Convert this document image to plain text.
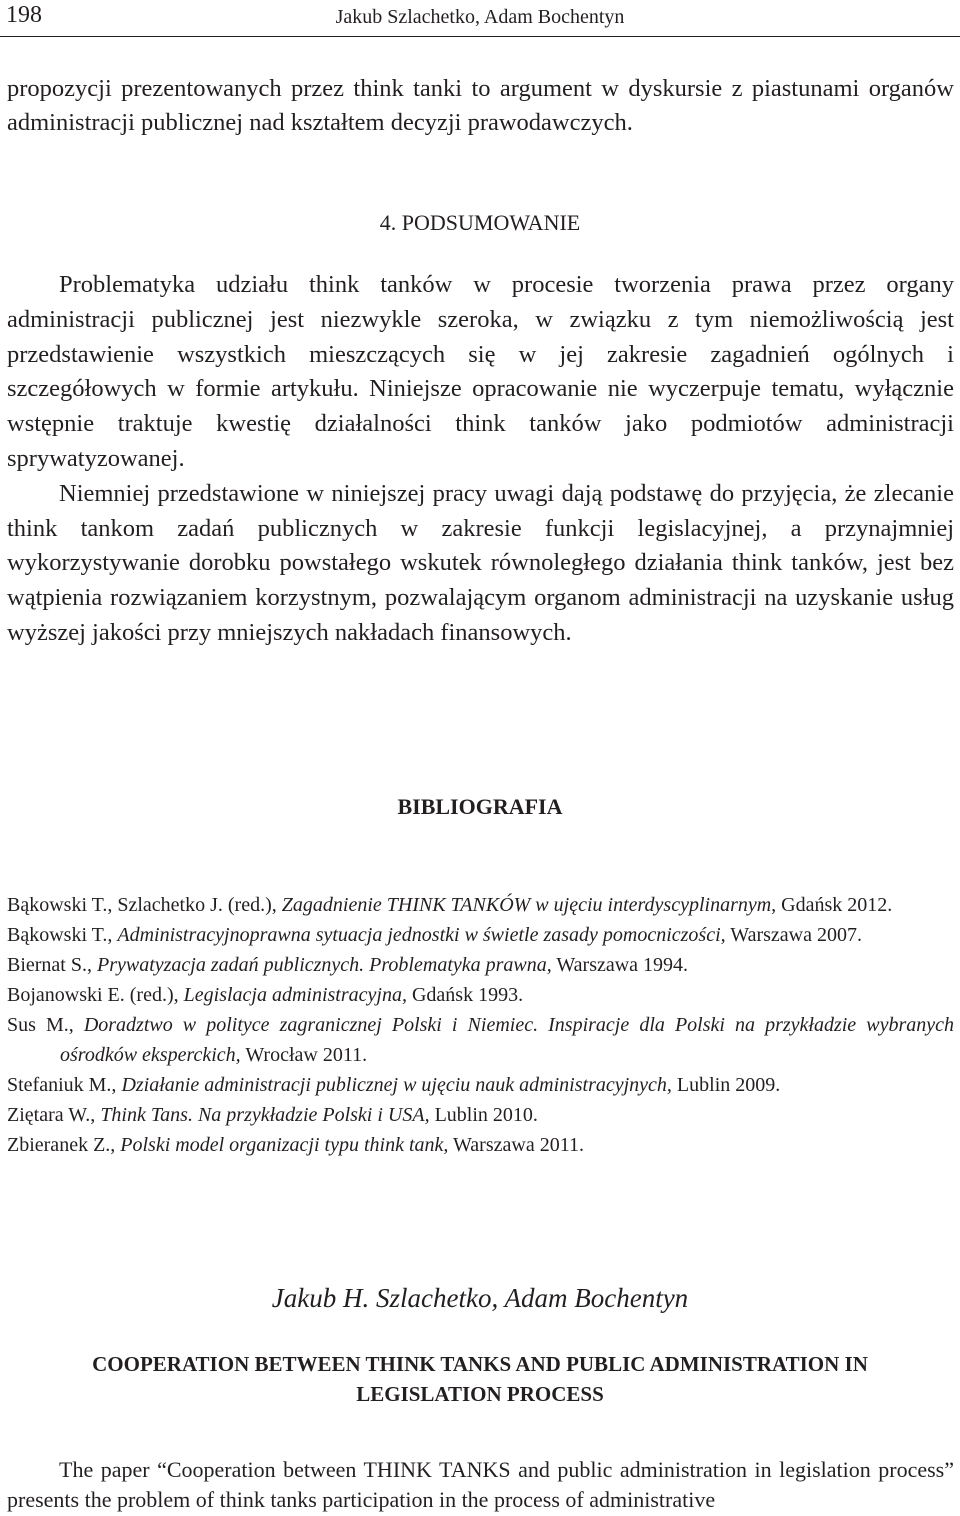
198	Jakub Szlachetko, Adam Bochentyn

propozycji prezentowanych przez think tanki to argument w dyskursie z piastunami organów administracji publicznej nad kształtem decyzji prawodawczych.

4. PODSUMOWANIE

Problematyka udziału think tanków w procesie tworzenia prawa przez organy administracji publicznej jest niezwykle szeroka, w związku z tym niemożliwością jest przedstawienie wszystkich mieszczących się w jej zakresie zagadnień ogólnych i szczegółowych w formie artykułu. Niniejsze opracowanie nie wyczerpuje tematu, wyłącznie wstępnie traktuje kwestię działalności think tanków jako podmiotów administracji sprywatyzowanej.

Niemniej przedstawione w niniejszej pracy uwagi dają podstawę do przyjęcia, że zlecanie think tankom zadań publicznych w zakresie funkcji legislacyjnej, a przynajmniej wykorzystywanie dorobku powstałego wskutek równoległego działania think tanków, jest bez wątpienia rozwiązaniem korzystnym, pozwalającym organom administracji na uzyskanie usług wyższej jakości przy mniejszych nakładach finansowych.

BIBLIOGRAFIA

Bąkowski T., Szlachetko J. (red.), Zagadnienie THINK TANKÓW w ujęciu interdyscyplinarnym, Gdańsk 2012.

Bąkowski T., Administracyjnoprawna sytuacja jednostki w świetle zasady pomocniczości, Warszawa 2007.

Biernat S., Prywatyzacja zadań publicznych. Problematyka prawna, Warszawa 1994.

Bojanowski E. (red.), Legislacja administracyjna, Gdańsk 1993.

Sus M., Doradztwo w polityce zagranicznej Polski i Niemiec. Inspiracje dla Polski na przykładzie wybranych ośrodków eksperckich, Wrocław 2011.

Stefaniuk M., Działanie administracji publicznej w ujęciu nauk administracyjnych, Lublin 2009.

Ziętara W., Think Tans. Na przykładzie Polski i USA, Lublin 2010.

Zbieranek Z., Polski model organizacji typu think tank, Warszawa 2011.

Jakub H. Szlachetko, Adam Bochentyn
COOPERATION BETWEEN THINK TANKS AND PUBLIC ADMINISTRATION IN LEGISLATION PROCESS

The paper “Cooperation between THINK TANKS and public administration in legislation process” presents the problem of think tanks participation in the process of administrative
